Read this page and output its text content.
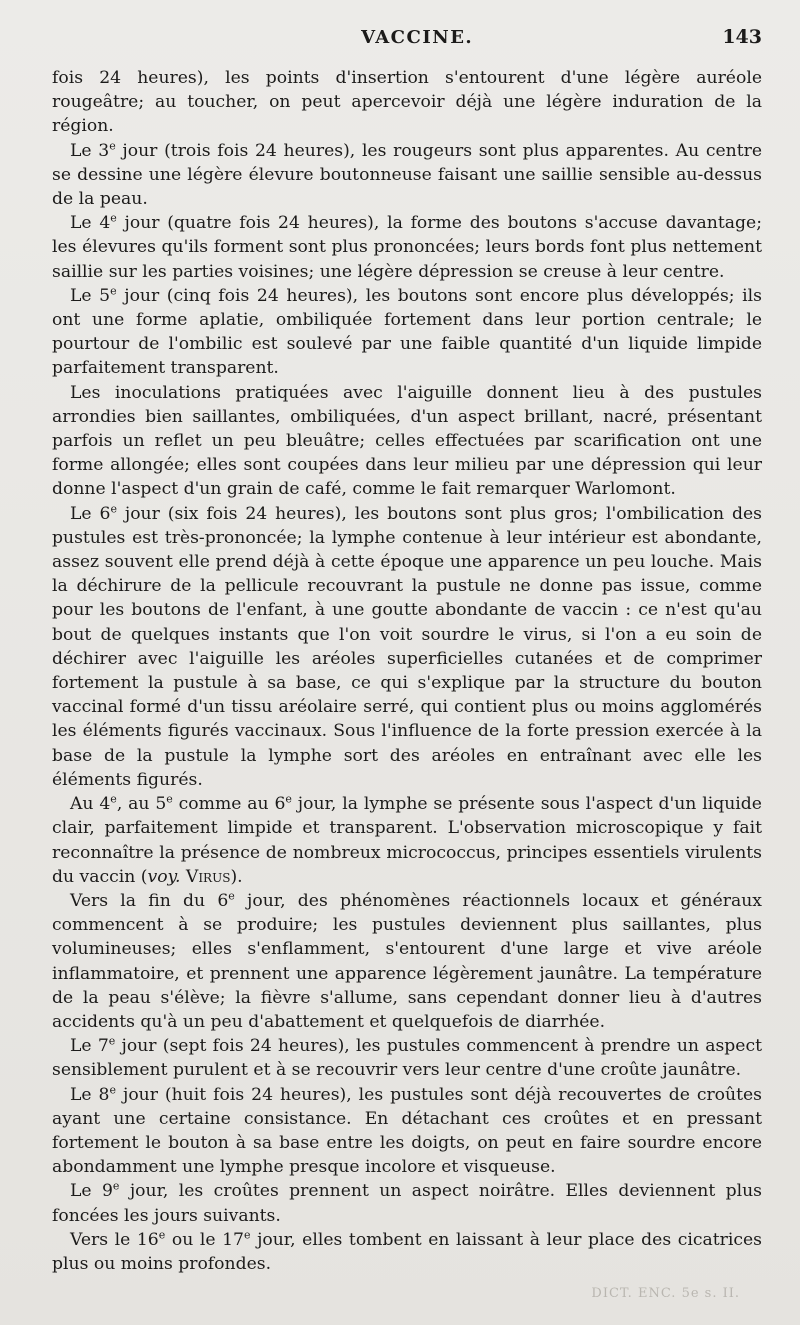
VACCINE.	143

fois 24 heures), les points d'insertion s'entourent d'une légère auréole rougeâtre; au toucher, on peut apercevoir déjà une légère induration de la région.

Le 3e jour (trois fois 24 heures), les rougeurs sont plus apparentes. Au centre se dessine une légère élevure boutonneuse faisant une saillie sensible au-dessus de la peau.

Le 4e jour (quatre fois 24 heures), la forme des boutons s'accuse davantage; les élevures qu'ils forment sont plus prononcées; leurs bords font plus nettement saillie sur les parties voisines; une légère dépression se creuse à leur centre.

Le 5e jour (cinq fois 24 heures), les boutons sont encore plus développés; ils ont une forme aplatie, ombiliquée fortement dans leur portion centrale; le pourtour de l'ombilic est soulevé par une faible quantité d'un liquide limpide parfaitement transparent.

Les inoculations pratiquées avec l'aiguille donnent lieu à des pustules arrondies bien saillantes, ombiliquées, d'un aspect brillant, nacré, présentant parfois un reflet un peu bleuâtre; celles effectuées par scarification ont une forme allongée; elles sont coupées dans leur milieu par une dépression qui leur donne l'aspect d'un grain de café, comme le fait remarquer Warlomont.

Le 6e jour (six fois 24 heures), les boutons sont plus gros; l'ombilication des pustules est très-prononcée; la lymphe contenue à leur intérieur est abondante, assez souvent elle prend déjà à cette époque une apparence un peu louche. Mais la déchirure de la pellicule recouvrant la pustule ne donne pas issue, comme pour les boutons de l'enfant, à une goutte abondante de vaccin : ce n'est qu'au bout de quelques instants que l'on voit sourdre le virus, si l'on a eu soin de déchirer avec l'aiguille les aréoles superficielles cutanées et de comprimer fortement la pustule à sa base, ce qui s'explique par la structure du bouton vaccinal formé d'un tissu aréolaire serré, qui contient plus ou moins agglomérés les éléments figurés vaccinaux. Sous l'influence de la forte pression exercée à la base de la pustule la lymphe sort des aréoles en entraînant avec elle les éléments figurés.

Au 4e, au 5e comme au 6e jour, la lymphe se présente sous l'aspect d'un liquide clair, parfaitement limpide et transparent. L'observation microscopique y fait reconnaître la présence de nombreux micrococcus, principes essentiels virulents du vaccin (voy. Virus).

Vers la fin du 6e jour, des phénomènes réactionnels locaux et généraux commencent à se produire; les pustules deviennent plus saillantes, plus volumineuses; elles s'enflamment, s'entourent d'une large et vive aréole inflammatoire, et prennent une apparence légèrement jaunâtre. La température de la peau s'élève; la fièvre s'allume, sans cependant donner lieu à d'autres accidents qu'à un peu d'abattement et quelquefois de diarrhée.

Le 7e jour (sept fois 24 heures), les pustules commencent à prendre un aspect sensiblement purulent et à se recouvrir vers leur centre d'une croûte jaunâtre.

Le 8e jour (huit fois 24 heures), les pustules sont déjà recouvertes de croûtes ayant une certaine consistance. En détachant ces croûtes et en pressant fortement le bouton à sa base entre les doigts, on peut en faire sourdre encore abondamment une lymphe presque incolore et visqueuse.

Le 9e jour, les croûtes prennent un aspect noirâtre. Elles deviennent plus foncées les jours suivants.

Vers le 16e ou le 17e jour, elles tombent en laissant à leur place des cicatrices plus ou moins profondes.

DICT. ENC. 5e s. II.
